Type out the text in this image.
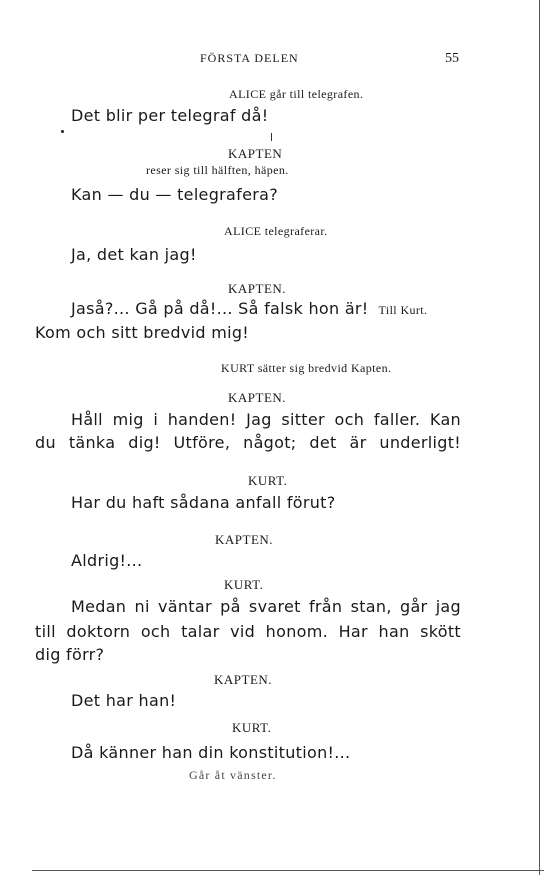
FÖRSTA DELEN	55
ALICE går till telegrafen.
Det blir per telegraf då!
KAPTEN
reser sig till hälften, häpen.
Kan — du — telegrafera?
ALICE telegraferar.
Ja, det kan jag!
KAPTEN.
Jaså?... Gå på då!... Så falsk hon är! Till Kurt.
Kom och sitt bredvid mig!
KURT sätter sig bredvid Kapten.
KAPTEN.
Håll mig i handen! Jag sitter och faller. Kan
du tänka dig! Utföre, något; det är underligt!
KURT.
Har du haft sådana anfall förut?
KAPTEN.
Aldrig!...
KURT.
Medan ni väntar på svaret från stan, går jag
till doktorn och talar vid honom. Har han skött
dig förr?
KAPTEN.
Det har han!
KURT.
Då känner han din konstitution!...
Går åt vänster.
